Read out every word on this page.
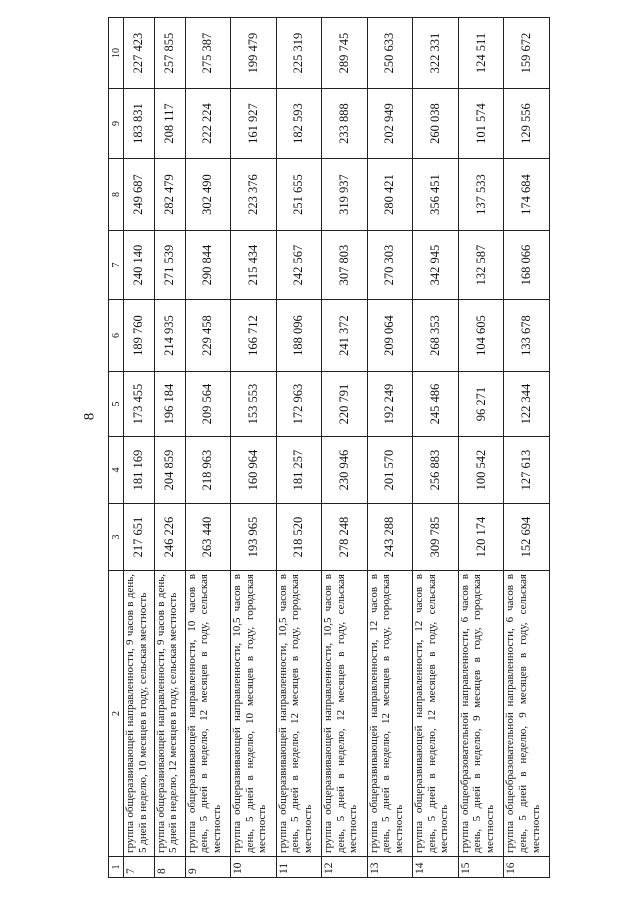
8
1	2	3	4	5	6	7	8	9	10
7	группа общеразвивающей направленности, 9 часов в день, 5 дней в неделю, 10 месяцев в году, сельская местность	217 651	181 169	173 455	189 760	240 140	249 687	183 831	227 423
8	группа общеразвивающей направленности, 9 часов в день, 5 дней в неделю, 12 месяцев в году, сельская местность	246 226	204 859	196 184	214 935	271 539	282 479	208 117	257 855
9	группа общеразвивающей направленности, 10 часов в день, 5 дней в неделю, 12 месяцев в году, сельская местность	263 440	218 963	209 564	229 458	290 844	302 490	222 224	275 387
10	группа общеразвивающей направленности, 10,5 часов в день, 5 дней в неделю, 10 месяцев в году, городская местность	193 965	160 964	153 553	166 712	215 434	223 376	161 927	199 479
11	группа общеразвивающей направленности, 10,5 часов в день, 5 дней в неделю, 12 месяцев в году, городская местность	218 520	181 257	172 963	188 096	242 567	251 655	182 593	225 319
12	группа общеразвивающей направленности, 10,5 часов в день, 5 дней в неделю, 12 месяцев в году, сельская местность	278 248	230 946	220 791	241 372	307 803	319 937	233 888	289 745
13	группа общеразвивающей направленности, 12 часов в день, 5 дней в неделю, 12 месяцев в году, городская местность	243 288	201 570	192 249	209 064	270 303	280 421	202 949	250 633
14	группа общеразвивающей направленности, 12 часов в день, 5 дней в неделю, 12 месяцев в году, сельская местность	309 785	256 883	245 486	268 353	342 945	356 451	260 038	322 331
15	группа общеобразовательной направленности, 6 часов в день, 5 дней в неделю, 9 месяцев в году, городская местность	120 174	100 542	96 271	104 605	132 587	137 533	101 574	124 511
16	группа общеобразовательной направленности, 6 часов в день, 5 дней в неделю, 9 месяцев в году, сельская местность	152 694	127 613	122 344	133 678	168 066	174 684	129 556	159 672
